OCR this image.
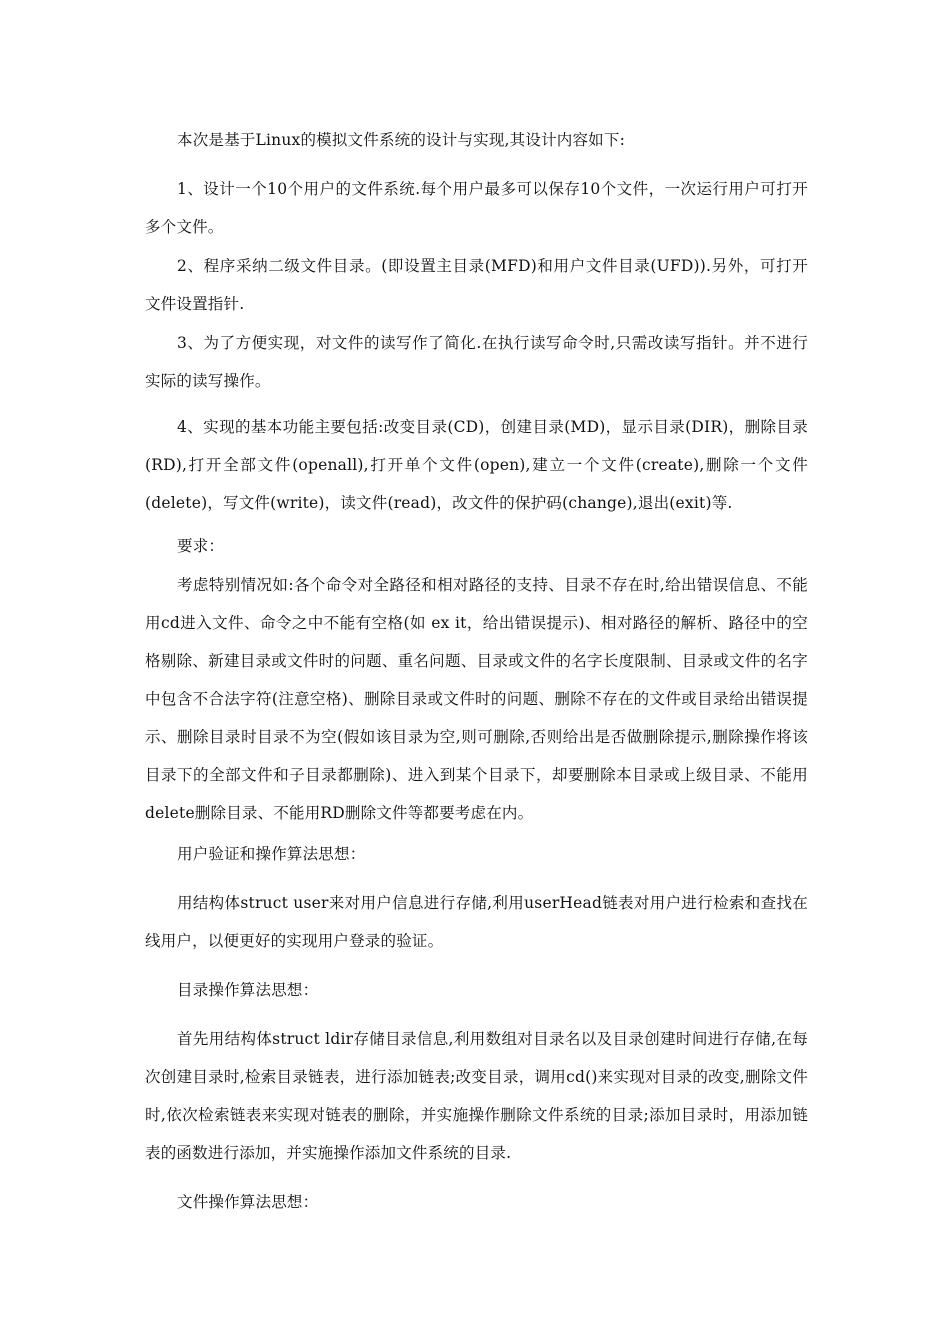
本次是基于Linux的模拟文件系统的设计与实现,其设计内容如下:

1、设计一个10个用户的文件系统.每个用户最多可以保存10个文件，一次运行用户可打开多个文件。

2、程序采纳二级文件目录。(即设置主目录(MFD)和用户文件目录(UFD)).另外，可打开文件设置指针.

3、为了方便实现，对文件的读写作了简化.在执行读写命令时,只需改读写指针。并不进行实际的读写操作。

4、实现的基本功能主要包括:改变目录(CD)，创建目录(MD)，显示目录(DIR)，删除目录(RD),打开全部文件(openall),打开单个文件(open),建立一个文件(create),删除一个文件(delete)，写文件(write)，读文件(read)，改文件的保护码(change),退出(exit)等.

要求：

考虑特别情况如:各个命令对全路径和相对路径的支持、目录不存在时,给出错误信息、不能用cd进入文件、命令之中不能有空格(如 ex it，给出错误提示)、相对路径的解析、路径中的空格剔除、新建目录或文件时的问题、重名问题、目录或文件的名字长度限制、目录或文件的名字中包含不合法字符(注意空格)、删除目录或文件时的问题、删除不存在的文件或目录给出错误提示、删除目录时目录不为空(假如该目录为空,则可删除,否则给出是否做删除提示,删除操作将该目录下的全部文件和子目录都删除)、进入到某个目录下，却要删除本目录或上级目录、不能用delete删除目录、不能用RD删除文件等都要考虑在内。

用户验证和操作算法思想：

用结构体struct user来对用户信息进行存储,利用userHead链表对用户进行检索和查找在线用户，以便更好的实现用户登录的验证。

目录操作算法思想：

首先用结构体struct ldir存储目录信息,利用数组对目录名以及目录创建时间进行存储,在每次创建目录时,检索目录链表，进行添加链表;改变目录，调用cd()来实现对目录的改变,删除文件时,依次检索链表来实现对链表的删除，并实施操作删除文件系统的目录;添加目录时，用添加链表的函数进行添加，并实施操作添加文件系统的目录.

文件操作算法思想：
